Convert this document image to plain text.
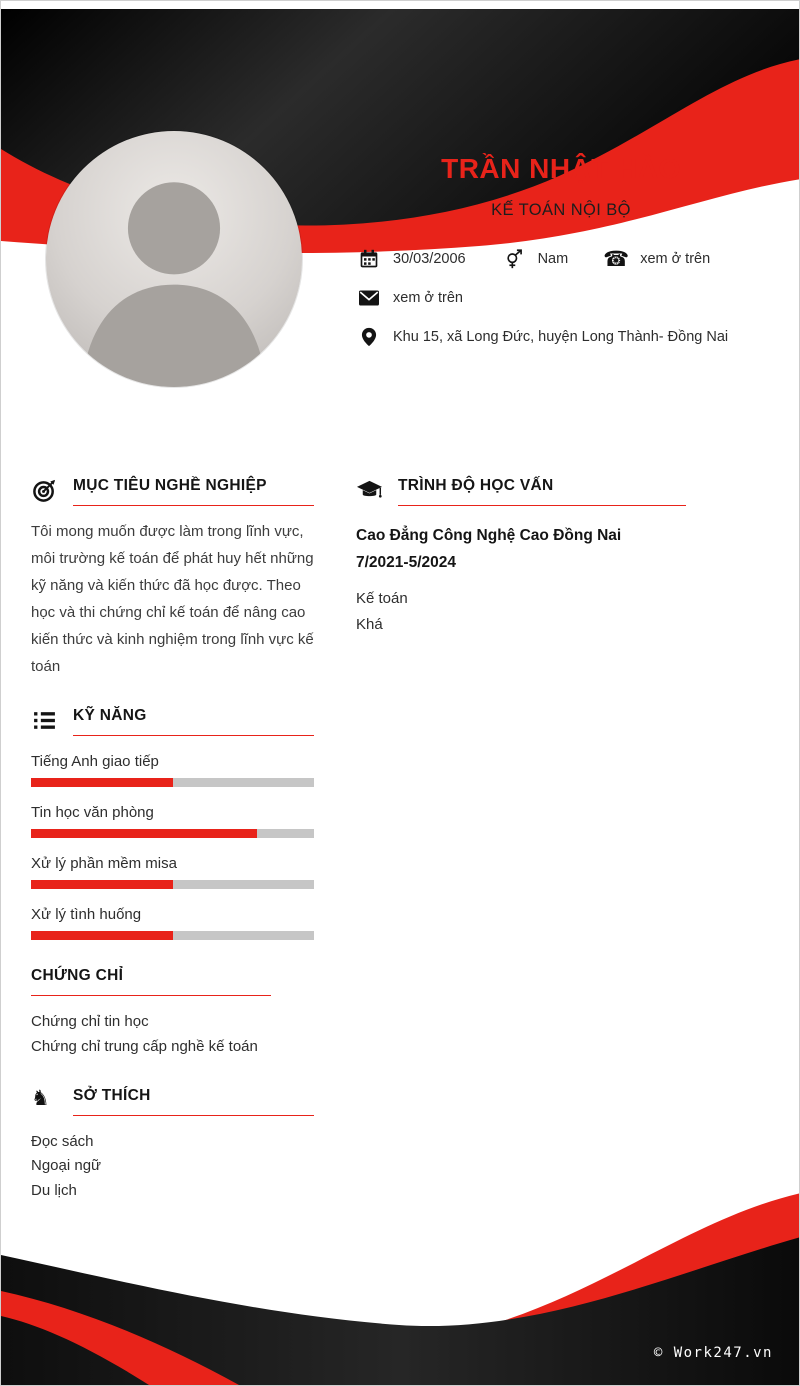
TRẦN NHẬT HÀO
KẾ TOÁN NỘI BỘ
30/03/2006	Nam ☎ xem ở trên
xem ở trên
Khu 15, xã Long Đức, huyện Long Thành- Đồng Nai
MỤC TIÊU NGHỀ NGHIỆP
Tôi mong muốn được làm trong lĩnh vực, môi trường kế toán để phát huy hết những kỹ năng và kiến thức đã học được. Theo học và thi chứng chỉ kế toán để nâng cao kiến thức và kinh nghiệm trong lĩnh vực kế toán
KỸ NĂNG
Tiếng Anh giao tiếp
Tin học văn phòng
Xử lý phần mềm misa
Xử lý tình huống
CHỨNG CHỈ
Chứng chỉ tin học
Chứng chỉ trung cấp nghề kế toán
♞	SỞ THÍCH
Đọc sách
Ngoại ngữ
Du lịch
TRÌNH ĐỘ HỌC VẤN
Cao Đẳng Công Nghệ Cao Đồng Nai
7/2021-5/2024
Kế toán
Khá
© Work247.vn
